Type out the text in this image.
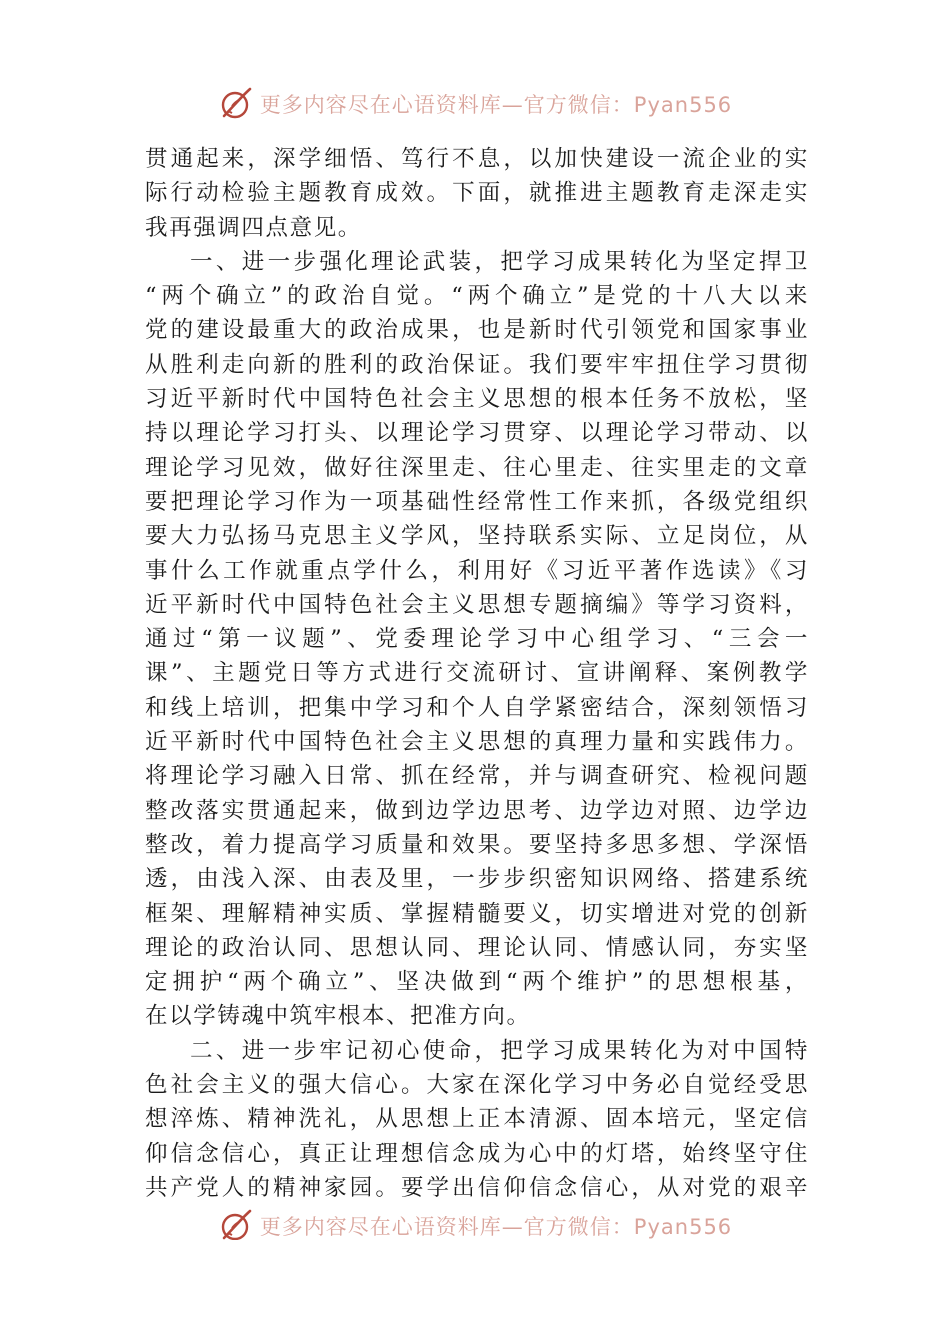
更多内容尽在心语资料库—官方微信：Pyan556
贯通起来，深学细悟、笃行不息，以加快建设一流企业的实
际行动检验主题教育成效。下面，就推进主题教育走深走实
我再强调四点意见。
一、进一步强化理论武装，把学习成果转化为坚定捍卫
“两个确立”的政治自觉。“两个确立”是党的十八大以来
党的建设最重大的政治成果，也是新时代引领党和国家事业
从胜利走向新的胜利的政治保证。我们要牢牢扭住学习贯彻
习近平新时代中国特色社会主义思想的根本任务不放松，坚
持以理论学习打头、以理论学习贯穿、以理论学习带动、以
理论学习见效，做好往深里走、往心里走、往实里走的文章
要把理论学习作为一项基础性经常性工作来抓，各级党组织
要大力弘扬马克思主义学风，坚持联系实际、立足岗位，从
事什么工作就重点学什么，利用好《习近平著作选读》《习
近平新时代中国特色社会主义思想专题摘编》等学习资料，
通过“第一议题”、党委理论学习中心组学习、“三会一
课”、主题党日等方式进行交流研讨、宣讲阐释、案例教学
和线上培训，把集中学习和个人自学紧密结合，深刻领悟习
近平新时代中国特色社会主义思想的真理力量和实践伟力。
将理论学习融入日常、抓在经常，并与调查研究、检视问题
整改落实贯通起来，做到边学边思考、边学边对照、边学边
整改，着力提高学习质量和效果。要坚持多思多想、学深悟
透，由浅入深、由表及里，一步步织密知识网络、搭建系统
框架、理解精神实质、掌握精髓要义，切实增进对党的创新
理论的政治认同、思想认同、理论认同、情感认同，夯实坚
定拥护“两个确立”、坚决做到“两个维护”的思想根基，
在以学铸魂中筑牢根本、把准方向。
二、进一步牢记初心使命，把学习成果转化为对中国特
色社会主义的强大信心。大家在深化学习中务必自觉经受思
想淬炼、精神洗礼，从思想上正本清源、固本培元，坚定信
仰信念信心，真正让理想信念成为心中的灯塔，始终坚守住
共产党人的精神家园。要学出信仰信念信心，从对党的艰辛
更多内容尽在心语资料库—官方微信：Pyan556
